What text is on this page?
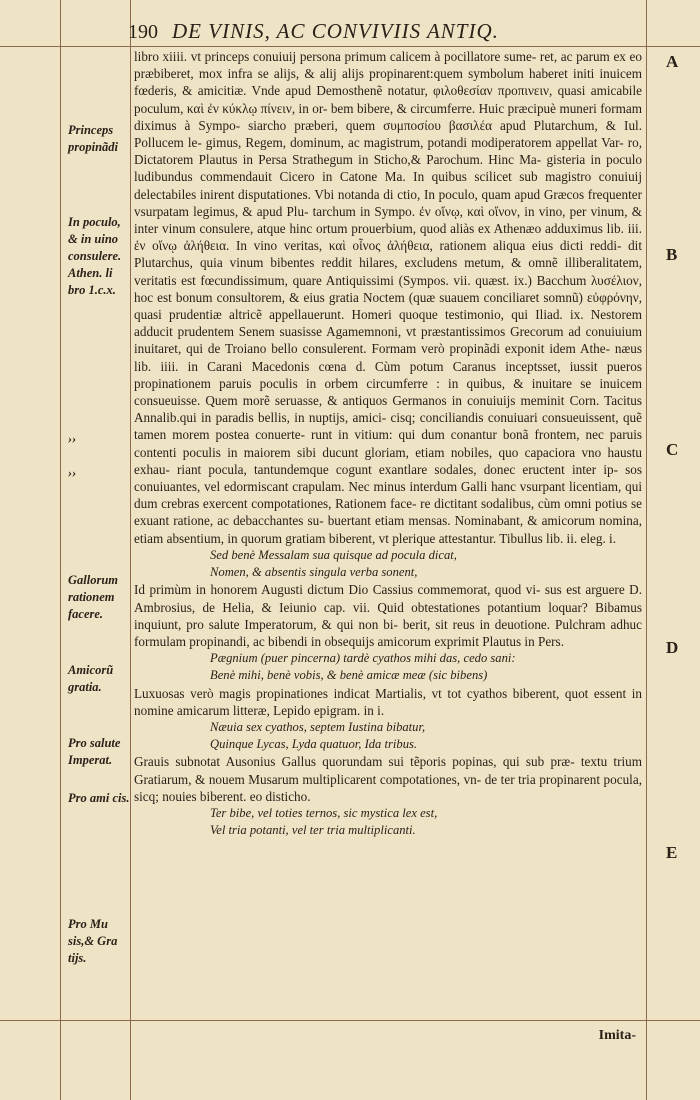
190 DE VINIS, AC CONVIVIIS ANTIQ.
Princeps propinãdi
In poculo, & in uino consulere.
Athen. li bro 1.c.x.
››
››
Gallorum rationem facere.
Amicorũ gratia.
Pro salute Imperat.
Pro ami cis.
Pro Mu sis,& Gra tijs.
A
B
C
D
E

libro xiiii. vt princeps conuiuij persona primum calicem à pocillatore sume- ret, ac parum ex eo præbiberet, mox infra se alijs, & alij alijs propinarent:quem symbolum haberet initi inuicem fœderis, & amicitiæ. Vnde apud Demosthenẽ notatur, φιλοθεσίαν προπινειν, quasi amicabile poculum, καὶ ἐν κύκλῳ πίνειν, in or- bem bibere, & circumferre. Huic præcipuè muneri formam diximus à Sympo- siarcho præberi, quem συμποσίου βασιλέα apud Plutarchum, & Iul. Pollucem le- gimus, Regem, dominum, ac magistrum, potandi modiperatorem appellat Var- ro, Dictatorem Plautus in Persa Strathegum in Sticho,& Parochum. Hinc Ma- gisteria in poculo ludibundus commendauit Cicero in Catone Ma. In quibus scilicet sub magistro conuiuij delectabiles inirent disputationes. Vbi notanda di ctio, In poculo, quam apud Græcos frequenter vsurpatam legimus, & apud Plu- tarchum in Sympo. ἐν οἴνῳ, καὶ οἴνον, in vino, per vinum, & inter vinum consulere, atque hinc ortum prouerbium, quod aliàs ex Athenæo adduximus lib. iii. ἐν οἴνῳ ἀλήθεια. In vino veritas, καὶ οἶνος ἀλήθεια, rationem aliqua eius dicti reddi- dit Plutarchus, quia vinum bibentes reddit hilares, excludens metum, & omnẽ illiberalitatem, veritatis est fœcundissimum, quare Antiquissimi (Sympos. vii. quæst. ix.) Bacchum λυσέλιον, hoc est bonum consultorem, & eius gratia Noctem (quæ suauem conciliaret somnũ) εὐφρόνην, quasi prudentiæ altricẽ appellauerunt. Homeri quoque testimonio, qui Iliad. ix. Nestorem adducit prudentem Senem suasisse Agamemnoni, vt præstantissimos Grecorum ad conuiuium inuitaret, qui de Troiano bello consulerent. Formam verò propinãdi exponit idem Athe- næus lib. iiii. in Carani Macedonis cœna d. Cùm potum Caranus inceptsset, iussit pueros propinationem paruis poculis in orbem circumferre : in quibus, & inuitare se inuicem consueuisse. Quem morẽ seruasse, & antiquos Germanos in conuiuijs meminit Corn. Tacitus Annalib.qui in paradis bellis, in nuptijs, amici- cisq; conciliandis conuiuari consueuissent, quẽ tamen morem postea conuerte- runt in vitium: qui dum conantur bonã frontem, nec paruis contenti poculis in maiorem sibi ducunt gloriam, etiam nobiles, quo capaciora vno haustu exhau- riant pocula, tantundemque cogunt exantlare sodales, donec eructent inter ip- sos conuiuantes, vel edormiscant crapulam. Nec minus interdum Galli hanc vsurpant licentiam, qui dum crebras exercent compotationes, Rationem face- re dictitant sodalibus, cùm omni potius se exuant ratione, ac debacchantes su- buertant etiam mensas. Nominabant, & amicorum nomina, etiam absentium, in quorum gratiam biberent, vt plerique attestantur. Tibullus lib. ii. eleg. i.

Sed benè Messalam sua quisque ad pocula dicat,
Nomen, & absentis singula verba sonent,

Id primùm in honorem Augusti dictum Dio Cassius commemorat, quod vi- sus est arguere D. Ambrosius, de Helia, & Ieiunio cap. vii. Quid obtestationes potantium loquar? Bibamus inquiunt, pro salute Imperatorum, & qui non bi- berit, sit reus in deuotione. Pulchram adhuc formulam propinandi, ac bibendi in obsequijs amicorum exprimit Plautus in Pers.

Pægnium (puer pincerna) tardè cyathos mihi das, cedo sani:
Benè mihi, benè vobis, & benè amicæ meæ (sic bibens)

Luxuosas verò magis propinationes indicat Martialis, vt tot cyathos biberent, quot essent in nomine amicarum litteræ, Lepido epigram. in i.

Næuia sex cyathos, septem Iustina bibatur,
Quinque Lycas, Lyda quatuor, Ida tribus.

Grauis subnotat Ausonius Gallus quorundam sui tẽporis popinas, qui sub præ- textu trium Gratiarum, & nouem Musarum multiplicarent compotationes, vn- de ter tria propinarent pocula, sicq; nouies biberent. eo disticho.

Ter bibe, vel toties ternos, sic mystica lex est,
Vel tria potanti, vel ter tria multiplicanti.
Imita-
